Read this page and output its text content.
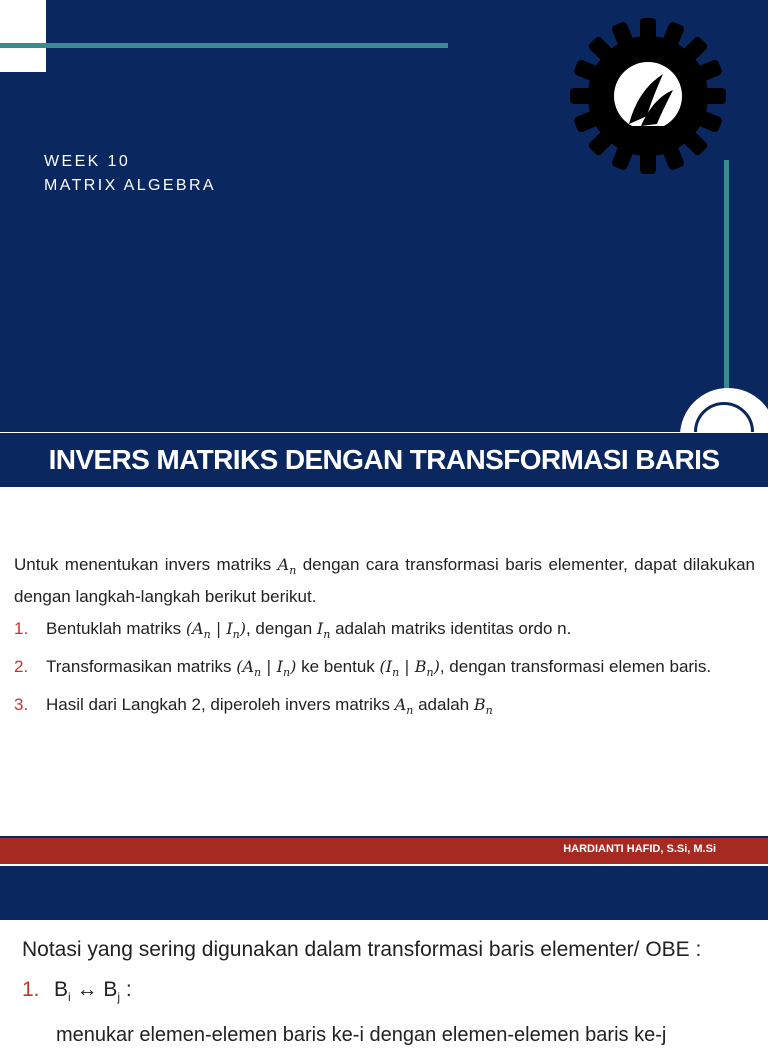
WEEK 10
MATRIX ALGEBRA
INVERS MATRIKS DENGAN TRANSFORMASI BARIS

Untuk menentukan invers matriks $A_n$ dengan cara transformasi baris elementer, dapat dilakukan dengan langkah-langkah berikut berikut.

1.	Bentuklah matriks ($A_n$ | $I_n$), dengan $I_n$ adalah matriks identitas ordo n.
2.	Transformasikan matriks ($A_n$ | $I_n$) ke bentuk ($I_n$ | $B_n$), dengan transformasi elemen baris.
3.	Hasil dari Langkah 2, diperoleh invers matriks $A_n$ adalah $B_n$
HARDIANTI HAFID, S.Si, M.Si
Notasi yang sering digunakan dalam transformasi baris elementer/ OBE :
1. $B_i$ ↔ $B_j$ :
menukar elemen-elemen baris ke-i dengan elemen-elemen baris ke-j
